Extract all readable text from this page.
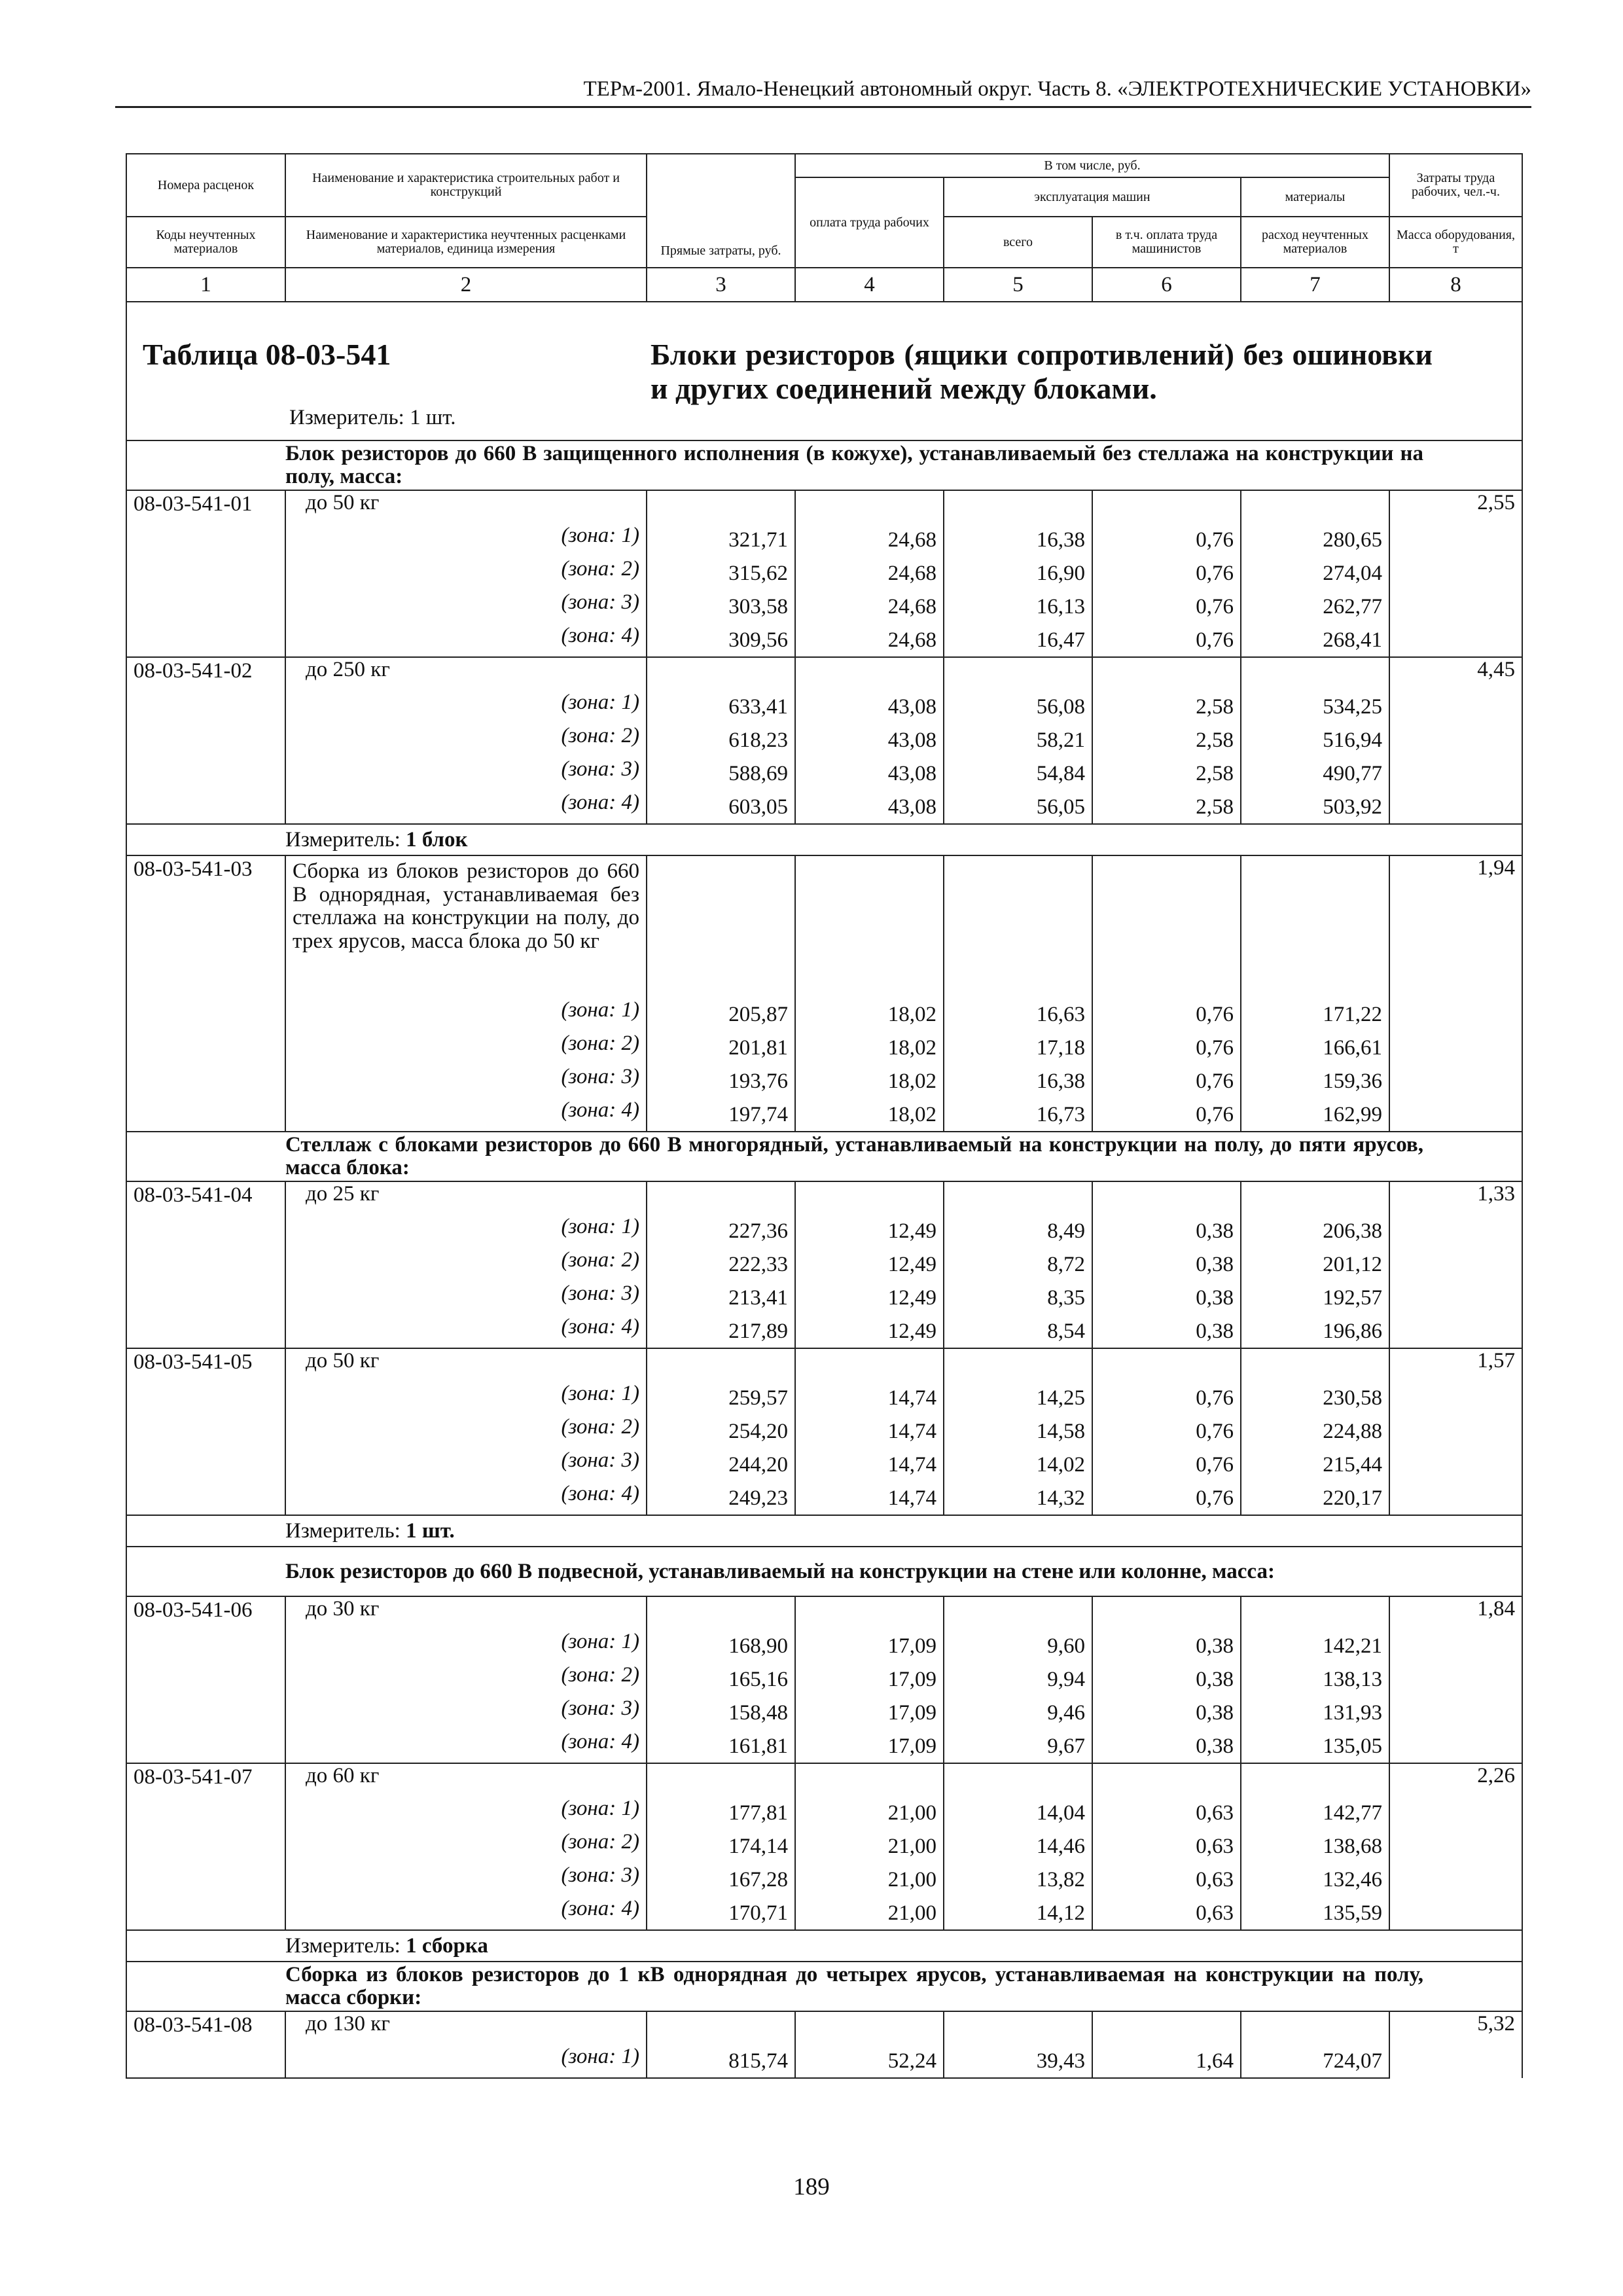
ТЕРм-2001. Ямало-Ненецкий автономный округ. Часть 8. «ЭЛЕКТРОТЕХНИЧЕСКИЕ УСТАНОВКИ»
Номера расценок	Наименование и характеристика строительных работ и конструкций	Прямые затраты, руб.	В том числе, руб.				Затраты труда рабочих, чел.-ч.
			оплата труда рабочих	эксплуатация машин		материалы	
Коды неучтенных материалов	Наименование и характеристика неучтенных расценками материалов, единица измерения			всего	в т.ч. оплата труда машинистов	расход неучтенных материалов	Масса оборудования, т
1	2	3	4	5	6	7	8

Таблица 08-03-541 Блоки резисторов (ящики сопротивлений) без ошиновки и других соединений между блоками.
Измеритель: 1 шт.							

	Блок резисторов до 660 В защищенного исполнения (в кожухе), устанавливаемый без стеллажа на конструкции на полу, масса:						
08-03-541-01	до 50 кг						2,55
	(зона: 1)	321,71	24,68	16,38	0,76	280,65	
	(зона: 2)	315,62	24,68	16,90	0,76	274,04	
	(зона: 3)	303,58	24,68	16,13	0,76	262,77	
	(зона: 4)	309,56	24,68	16,47	0,76	268,41	
08-03-541-02	до 250 кг						4,45
	(зона: 1)	633,41	43,08	56,08	2,58	534,25	
	(зона: 2)	618,23	43,08	58,21	2,58	516,94	
	(зона: 3)	588,69	43,08	54,84	2,58	490,77	
	(зона: 4)	603,05	43,08	56,05	2,58	503,92	
	Измеритель: 1 блок						
08-03-541-03	Сборка из блоков резисторов до 660 В однорядная, устанавливаемая без стеллажа на конструкции на полу, до трех ярусов, масса блока до 50 кг						1,94
	(зона: 1)	205,87	18,02	16,63	0,76	171,22	
	(зона: 2)	201,81	18,02	17,18	0,76	166,61	
	(зона: 3)	193,76	18,02	16,38	0,76	159,36	
	(зона: 4)	197,74	18,02	16,73	0,76	162,99	
	Стеллаж с блоками резисторов до 660 В многорядный, устанавливаемый на конструкции на полу, до пяти ярусов, масса блока:						
08-03-541-04	до 25 кг						1,33
	(зона: 1)	227,36	12,49	8,49	0,38	206,38	
	(зона: 2)	222,33	12,49	8,72	0,38	201,12	
	(зона: 3)	213,41	12,49	8,35	0,38	192,57	
	(зона: 4)	217,89	12,49	8,54	0,38	196,86	
08-03-541-05	до 50 кг						1,57
	(зона: 1)	259,57	14,74	14,25	0,76	230,58	
	(зона: 2)	254,20	14,74	14,58	0,76	224,88	
	(зона: 3)	244,20	14,74	14,02	0,76	215,44	
	(зона: 4)	249,23	14,74	14,32	0,76	220,17	
	Измеритель: 1 шт.						
	Блок резисторов до 660 В подвесной, устанавливаемый на конструкции на стене или колонне, масса:						
08-03-541-06	до 30 кг						1,84
	(зона: 1)	168,90	17,09	9,60	0,38	142,21	
	(зона: 2)	165,16	17,09	9,94	0,38	138,13	
	(зона: 3)	158,48	17,09	9,46	0,38	131,93	
	(зона: 4)	161,81	17,09	9,67	0,38	135,05	
08-03-541-07	до 60 кг						2,26
	(зона: 1)	177,81	21,00	14,04	0,63	142,77	
	(зона: 2)	174,14	21,00	14,46	0,63	138,68	
	(зона: 3)	167,28	21,00	13,82	0,63	132,46	
	(зона: 4)	170,71	21,00	14,12	0,63	135,59	
	Измеритель: 1 сборка						
	Сборка из блоков резисторов до 1 кВ однорядная до четырех ярусов, устанавливаемая на конструкции на полу, масса сборки:						
08-03-541-08	до 130 кг						5,32
	(зона: 1)	815,74	52,24	39,43	1,64	724,07	
189
